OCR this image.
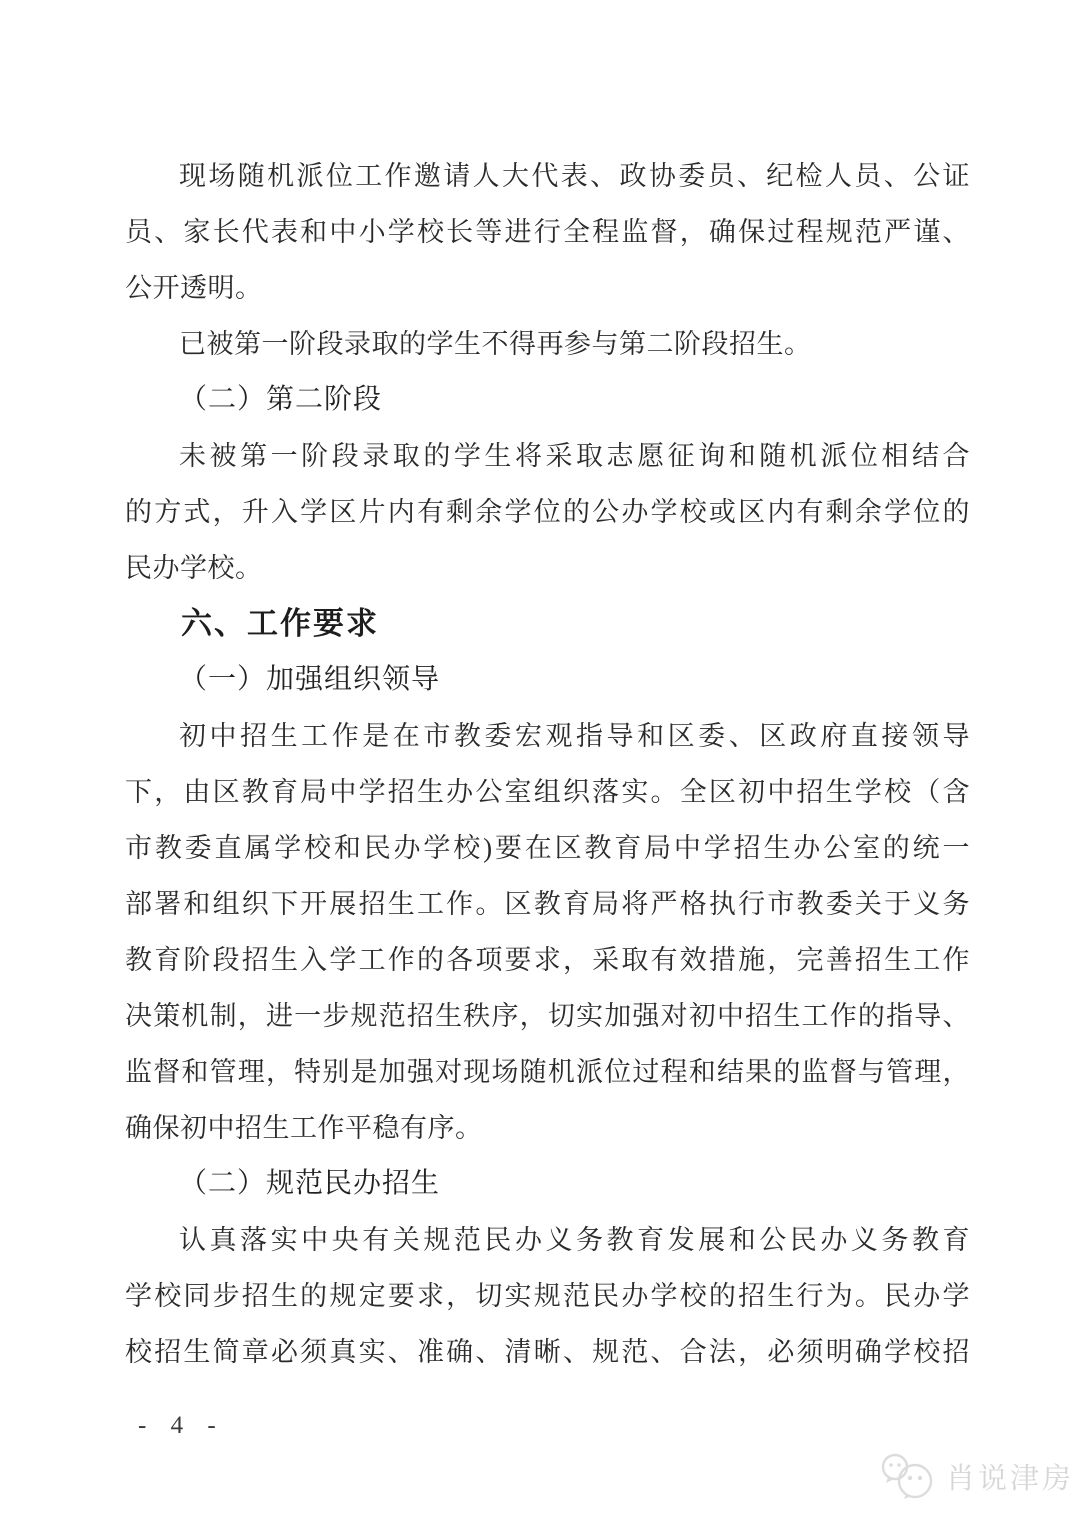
现场随机派位工作邀请人大代表、政协委员、纪检人员、公证
员、家长代表和中小学校长等进行全程监督，确保过程规范严谨、
公开透明。
已被第一阶段录取的学生不得再参与第二阶段招生。
（二）第二阶段
未被第一阶段录取的学生将采取志愿征询和随机派位相结合
的方式，升入学区片内有剩余学位的公办学校或区内有剩余学位的
民办学校。
六、工作要求
（一）加强组织领导
初中招生工作是在市教委宏观指导和区委、区政府直接领导
下，由区教育局中学招生办公室组织落实。全区初中招生学校（含
市教委直属学校和民办学校)要在区教育局中学招生办公室的统一
部署和组织下开展招生工作。区教育局将严格执行市教委关于义务
教育阶段招生入学工作的各项要求，采取有效措施，完善招生工作
决策机制，进一步规范招生秩序，切实加强对初中招生工作的指导、
监督和管理，特别是加强对现场随机派位过程和结果的监督与管理，
确保初中招生工作平稳有序。
（二）规范民办招生
认真落实中央有关规范民办义务教育发展和公民办义务教育
学校同步招生的规定要求，切实规范民办学校的招生行为。民办学
校招生简章必须真实、准确、清晰、规范、合法，必须明确学校招
- 4 -
肖说津房
